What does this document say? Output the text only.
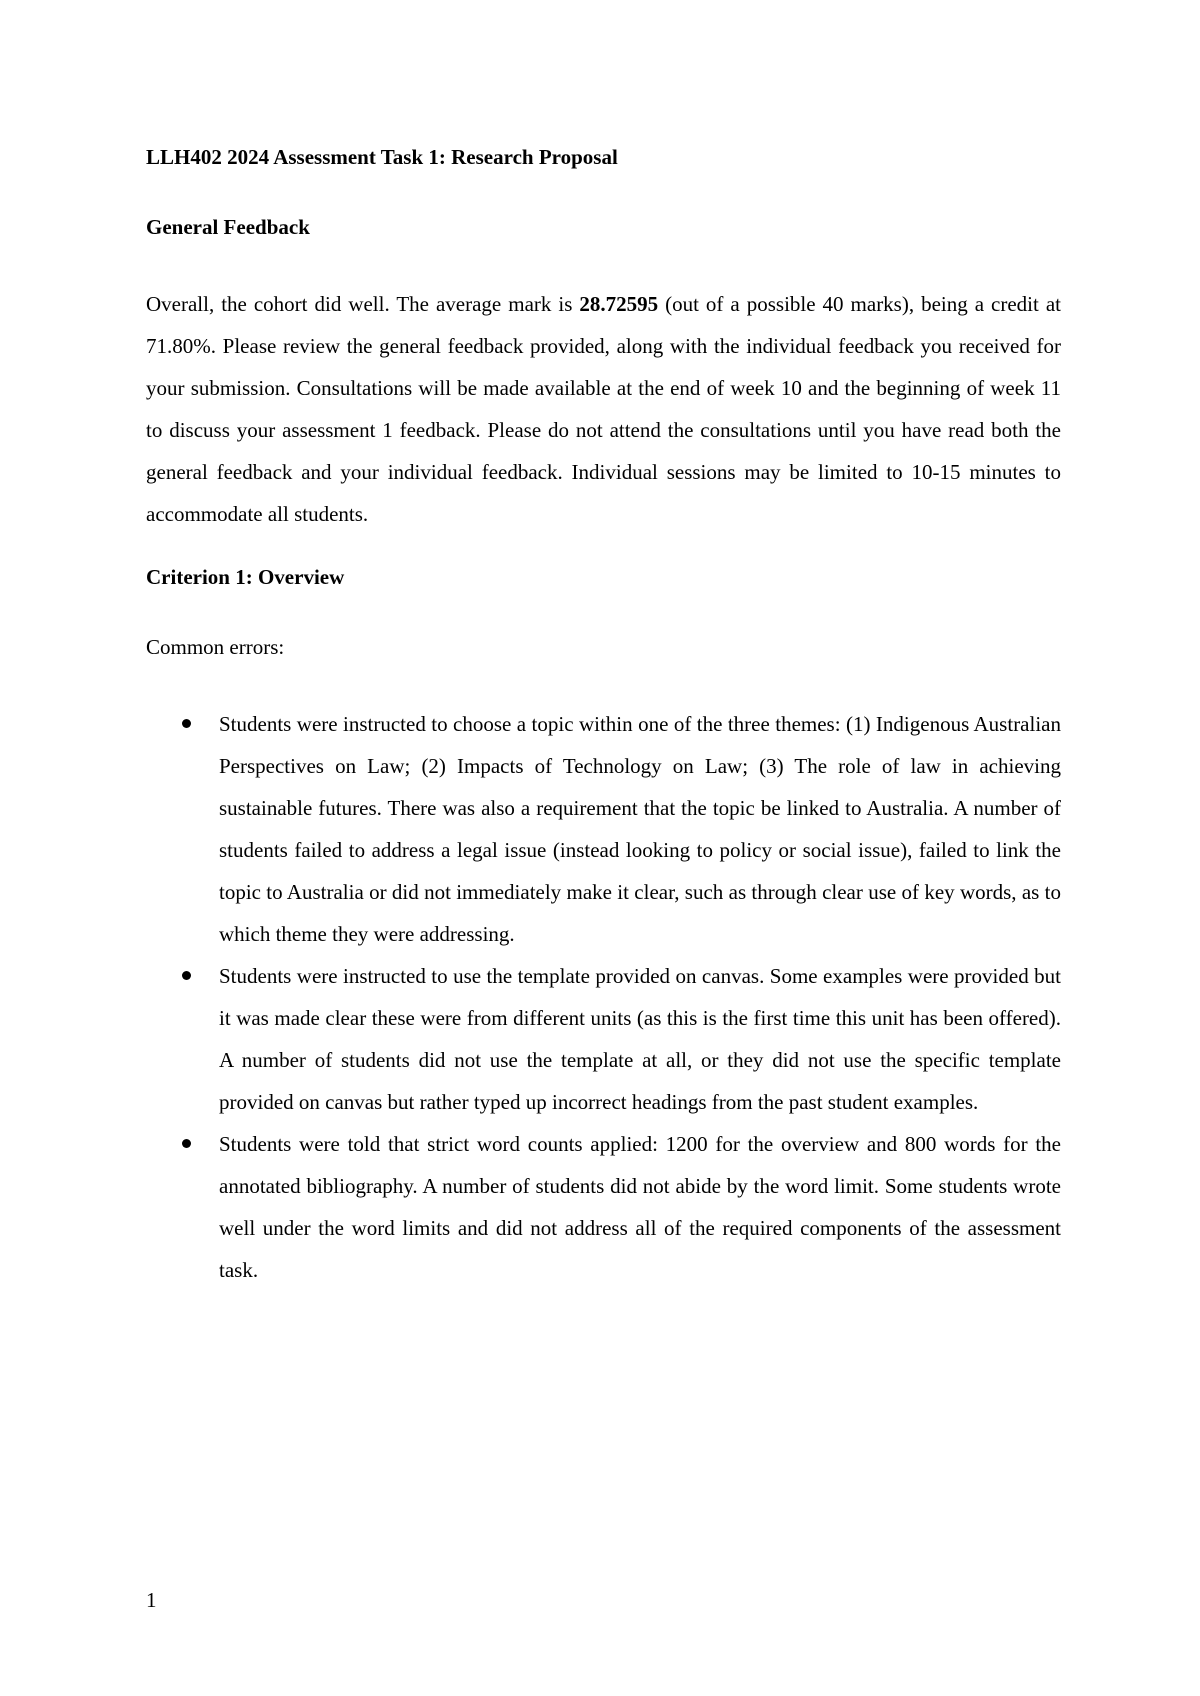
LLH402 2024 Assessment Task 1: Research Proposal

General Feedback

Overall, the cohort did well. The average mark is 28.72595 (out of a possible 40 marks), being a credit at 71.80%. Please review the general feedback provided, along with the individual feedback you received for your submission. Consultations will be made available at the end of week 10 and the beginning of week 11 to discuss your assessment 1 feedback. Please do not attend the consultations until you have read both the general feedback and your individual feedback. Individual sessions may be limited to 10-15 minutes to accommodate all students.

Criterion 1: Overview

Common errors:

Students were instructed to choose a topic within one of the three themes: (1) Indigenous Australian Perspectives on Law; (2) Impacts of Technology on Law; (3) The role of law in achieving sustainable futures. There was also a requirement that the topic be linked to Australia. A number of students failed to address a legal issue (instead looking to policy or social issue), failed to link the topic to Australia or did not immediately make it clear, such as through clear use of key words, as to which theme they were addressing.
Students were instructed to use the template provided on canvas. Some examples were provided but it was made clear these were from different units (as this is the first time this unit has been offered). A number of students did not use the template at all, or they did not use the specific template provided on canvas but rather typed up incorrect headings from the past student examples.
Students were told that strict word counts applied: 1200 for the overview and 800 words for the annotated bibliography. A number of students did not abide by the word limit. Some students wrote well under the word limits and did not address all of the required components of the assessment task.
1
